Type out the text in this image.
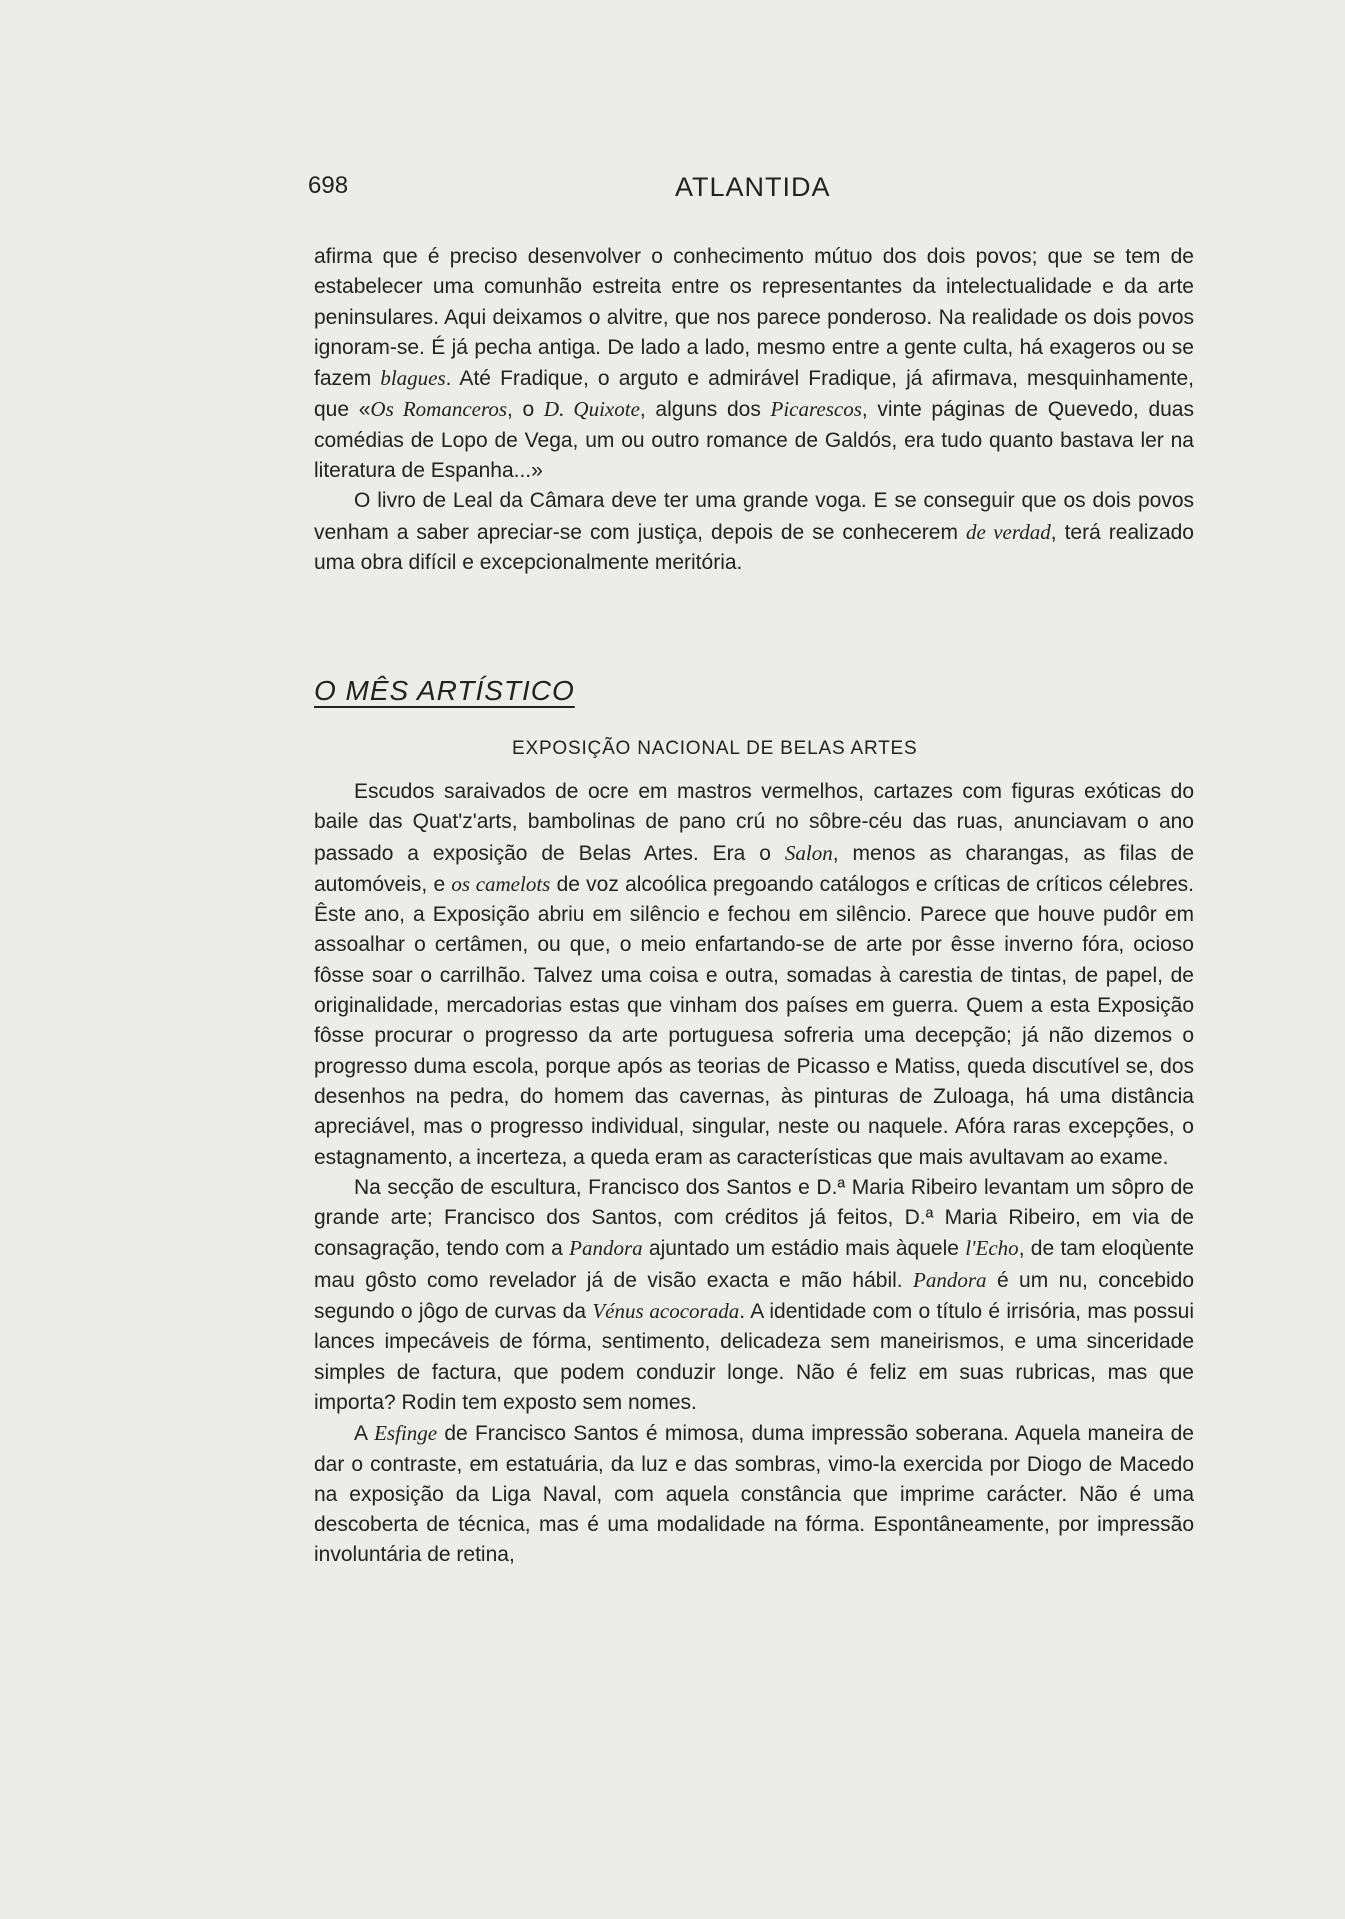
698	ATLANTIDA

afirma que é preciso desenvolver o conhecimento mútuo dos dois povos; que se tem de estabelecer uma comunhão estreita entre os representantes da intelectualidade e da arte peninsulares. Aqui deixamos o alvitre, que nos parece ponderoso. Na realidade os dois povos ignoram-se. É já pecha antiga. De lado a lado, mesmo entre a gente culta, há exageros ou se fazem blagues. Até Fradique, o arguto e admirável Fradique, já afirmava, mesquinhamente, que «Os Romanceros, o D. Quixote, alguns dos Picarescos, vinte páginas de Quevedo, duas comédias de Lopo de Vega, um ou outro romance de Galdós, era tudo quanto bastava ler na literatura de Espanha...»

O livro de Leal da Câmara deve ter uma grande voga. E se conseguir que os dois povos venham a saber apreciar-se com justiça, depois de se conhecerem de verdad, terá realizado uma obra difícil e excepcionalmente meritória.

O MÊS ARTÍSTICO
EXPOSIÇÃO NACIONAL DE BELAS ARTES

Escudos saraivados de ocre em mastros vermelhos, cartazes com figuras exóticas do baile das Quat'z'arts, bambolinas de pano crú no sôbre-céu das ruas, anunciavam o ano passado a exposição de Belas Artes. Era o Salon, menos as charangas, as filas de automóveis, e os camelots de voz alcoólica pregoando catálogos e críticas de críticos célebres. Êste ano, a Exposição abriu em silêncio e fechou em silêncio. Parece que houve pudôr em assoalhar o certâmen, ou que, o meio enfartando-se de arte por êsse inverno fóra, ocioso fôsse soar o carrilhão. Talvez uma coisa e outra, somadas à carestia de tintas, de papel, de originalidade, mercadorias estas que vinham dos países em guerra. Quem a esta Exposição fôsse procurar o progresso da arte portuguesa sofreria uma decepção; já não dizemos o progresso duma escola, porque após as teorias de Picasso e Matiss, queda discutível se, dos desenhos na pedra, do homem das cavernas, às pinturas de Zuloaga, há uma distância apreciável, mas o progresso individual, singular, neste ou naquele. Afóra raras excepções, o estagnamento, a incerteza, a queda eram as características que mais avultavam ao exame.

Na secção de escultura, Francisco dos Santos e D.ª Maria Ribeiro levantam um sôpro de grande arte; Francisco dos Santos, com créditos já feitos, D.ª Maria Ribeiro, em via de consagração, tendo com a Pandora ajuntado um estádio mais àquele l'Echo, de tam eloqùente mau gôsto como revelador já de visão exacta e mão hábil. Pandora é um nu, concebido segundo o jôgo de curvas da Vénus acocorada. A identidade com o título é irrisória, mas possui lances impecáveis de fórma, sentimento, delicadeza sem maneirismos, e uma sinceridade simples de factura, que podem conduzir longe. Não é feliz em suas rubricas, mas que importa? Rodin tem exposto sem nomes.

A Esfinge de Francisco Santos é mimosa, duma impressão soberana. Aquela maneira de dar o contraste, em estatuária, da luz e das sombras, vimo-la exercida por Diogo de Macedo na exposição da Liga Naval, com aquela constância que imprime carácter. Não é uma descoberta de técnica, mas é uma modalidade na fórma. Espontâneamente, por impressão involuntária de retina,
